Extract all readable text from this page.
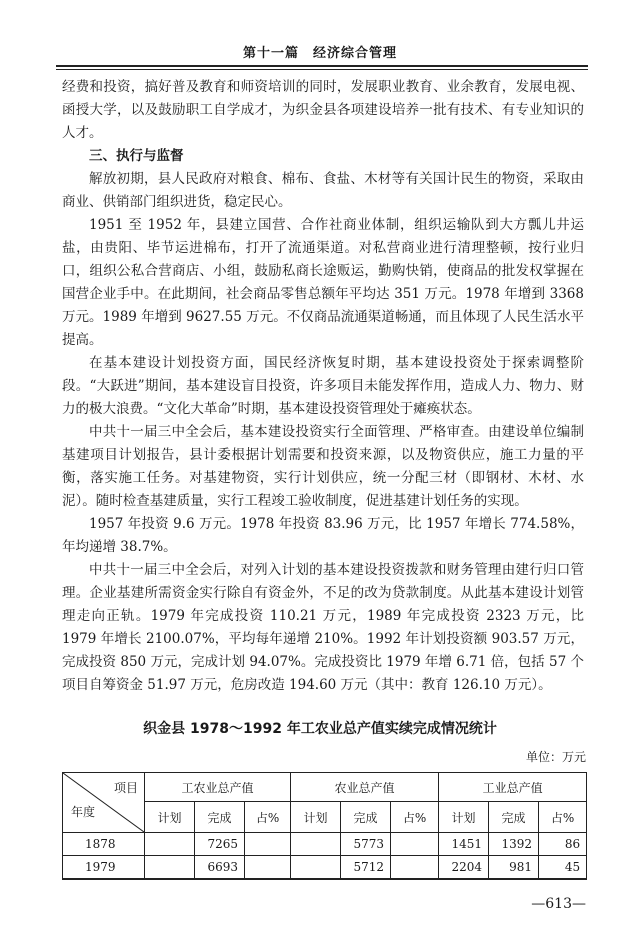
第十一篇　经济综合管理

经费和投资，搞好普及教育和师资培训的同时，发展职业教育、业余教育，发展电视、函授大学，以及鼓励职工自学成才，为织金县各项建设培养一批有技术、有专业知识的人才。

三、执行与监督

解放初期，县人民政府对粮食、棉布、食盐、木材等有关国计民生的物资，采取由商业、供销部门组织进货，稳定民心。

1951 至 1952 年，县建立国营、合作社商业体制，组织运输队到大方瓢儿井运盐，由贵阳、毕节运进棉布，打开了流通渠道。对私营商业进行清理整顿，按行业归口，组织公私合营商店、小组，鼓励私商长途贩运，勤购快销，使商品的批发权掌握在国营企业手中。在此期间，社会商品零售总额年平均达 351 万元。1978 年增到 3368 万元。1989 年增到 9627.55 万元。不仅商品流通渠道畅通，而且体现了人民生活水平提高。

在基本建设计划投资方面，国民经济恢复时期，基本建设投资处于探索调整阶段。“大跃进”期间，基本建设盲目投资，许多项目未能发挥作用，造成人力、物力、财力的极大浪费。“文化大革命”时期，基本建设投资管理处于瘫痪状态。

中共十一届三中全会后，基本建设投资实行全面管理、严格审查。由建设单位编制基建项目计划报告，县计委根据计划需要和投资来源，以及物资供应，施工力量的平衡，落实施工任务。对基建物资，实行计划供应，统一分配三材（即钢材、木材、水泥）。随时检查基建质量，实行工程竣工验收制度，促进基建计划任务的实现。

1957 年投资 9.6 万元。1978 年投资 83.96 万元，比 1957 年增长 774.58%，年均递增 38.7%。

中共十一届三中全会后，对列入计划的基本建设投资拨款和财务管理由建行归口管理。企业基建所需资金实行除自有资金外，不足的改为贷款制度。从此基本建设计划管理走向正轨。1979 年完成投资 110.21 万元，1989 年完成投资 2323 万元，比 1979 年增长 2100.07%，平均每年递增 210%。1992 年计划投资额 903.57 万元，完成投资 850 万元，完成计划 94.07%。完成投资比 1979 年增 6.71 倍，包括 57 个项目自筹资金 51.97 万元，危房改造 194.60 万元（其中：教育 126.10 万元）。

织金县 1978～1992 年工农业总产值实续完成情况统计
单位：万元
项目
年度	工农业总产值			农业总产值			工业总产值		
	计划	完成	占%	计划	完成	占%	计划	完成	占%
1878		7265			5773		1451	1392	86
1979		6693			5712		2204	981	45
—613—
